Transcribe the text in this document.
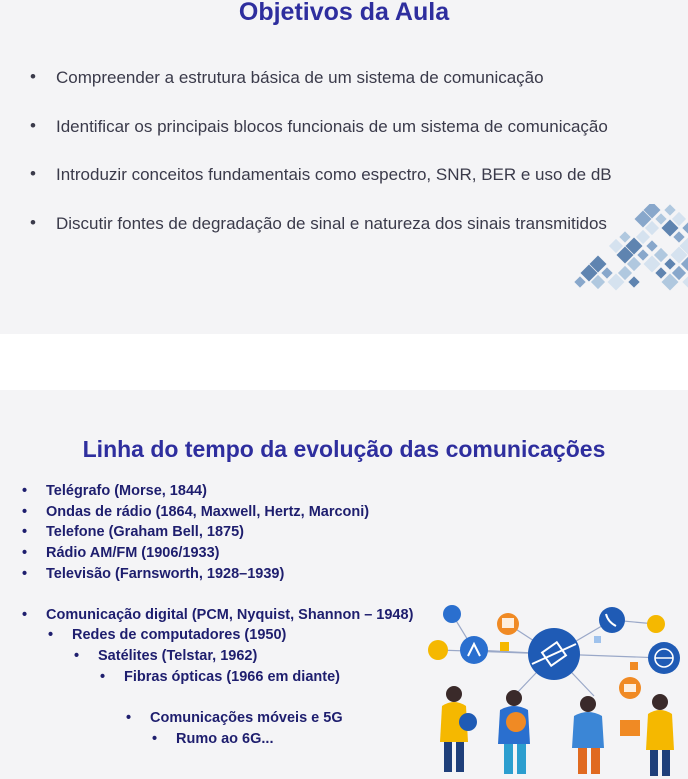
Objetivos da Aula
• Compreender a estrutura básica de um sistema de comunicação
• Identificar os principais blocos funcionais de um sistema de comunicação
• Introduzir conceitos fundamentais como espectro, SNR, BER e uso de dB
• Discutir fontes de degradação de sinal e natureza dos sinais transmitidos
Linha do tempo da evolução das comunicações
• Telégrafo (Morse, 1844)
• Ondas de rádio (1864, Maxwell, Hertz, Marconi)
• Telefone (Graham Bell, 1875)
• Rádio AM/FM (1906/1933)
• Televisão (Farnsworth, 1928–1939)
• Comunicação digital (PCM, Nyquist, Shannon – 1948)
• Redes de computadores (1950)
• Satélites (Telstar, 1962)
• Fibras ópticas (1966 em diante)
• Comunicações móveis e 5G
• Rumo ao 6G...
